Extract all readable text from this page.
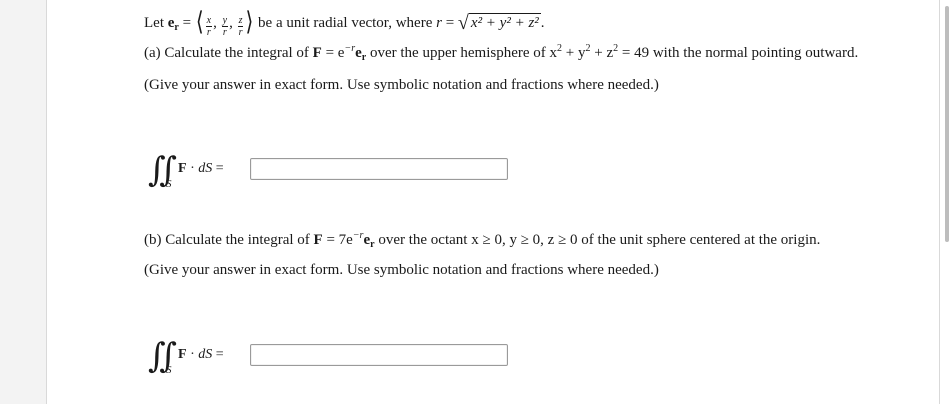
Let $e_r$ = ⟨ $\frac{x}{r}$ , $\frac{y}{r}$ , $\frac{z}{r}$ ⟩ be a unit radial vector, where r = √ x² + y² + z² .
(a) Calculate the integral of $F = e^{-r}e_r$ over the upper hemisphere of $x^2 + y^2 + z^2 = 49$ with the normal pointing outward.
(Give your answer in exact form. Use symbolic notation and fractions where needed.)
∬ S
F · dS =
(b) Calculate the integral of $F = 7e^{-r}e_r$ over the octant x ≥ 0, y ≥ 0, z ≥ 0 of the unit sphere centered at the origin.
(Give your answer in exact form. Use symbolic notation and fractions where needed.)
∬ S
F · dS =
